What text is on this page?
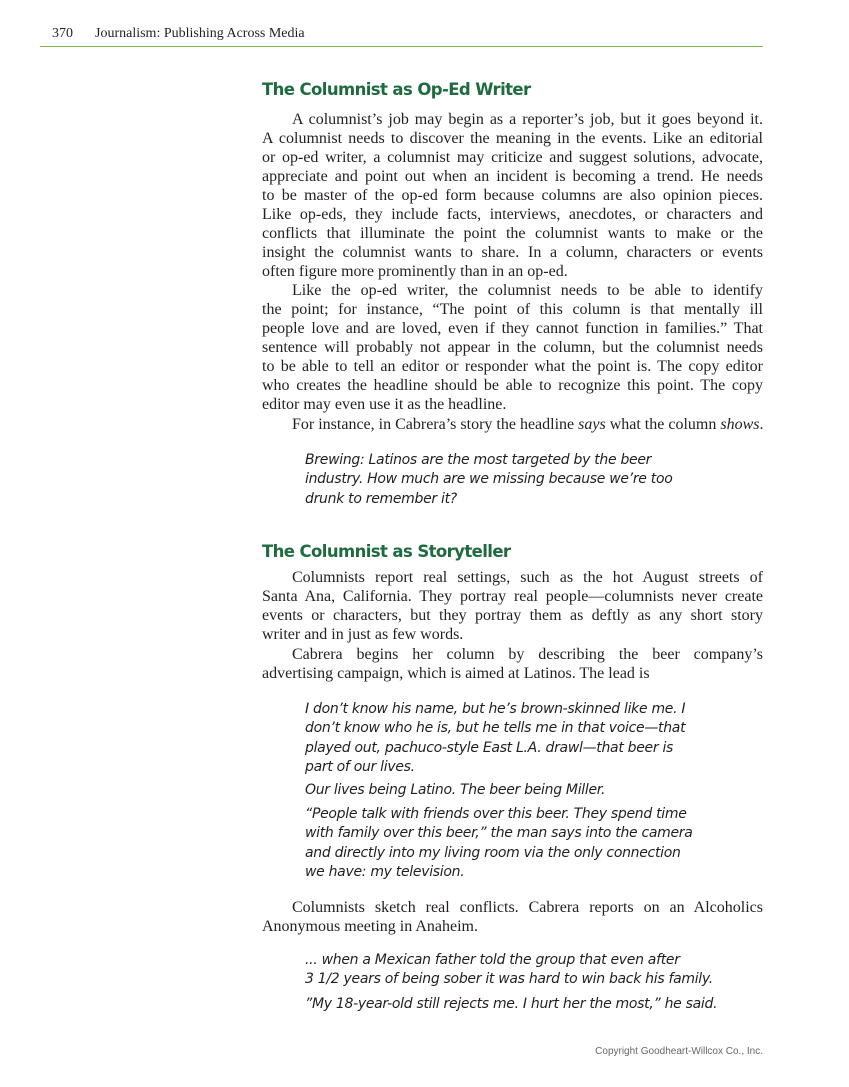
370 Journalism: Publishing Across Media
The Columnist as Op-Ed Writer
A columnist’s job may begin as a reporter’s job, but it goes beyond it.
A columnist needs to discover the meaning in the events. Like an editorial
or op-ed writer, a columnist may criticize and suggest solutions, advocate,
appreciate and point out when an incident is becoming a trend. He needs
to be master of the op-ed form because columns are also opinion pieces.
Like op-eds, they include facts, interviews, anecdotes, or characters and
conflicts that illuminate the point the columnist wants to make or the
insight the columnist wants to share. In a column, characters or events
often figure more prominently than in an op-ed.
Like the op-ed writer, the columnist needs to be able to identify
the point; for instance, “The point of this column is that mentally ill
people love and are loved, even if they cannot function in families.” That
sentence will probably not appear in the column, but the columnist needs
to be able to tell an editor or responder what the point is. The copy editor
who creates the headline should be able to recognize this point. The copy
editor may even use it as the headline.
For instance, in Cabrera’s story the headline says what the column shows.
Brewing: Latinos are the most targeted by the beer
industry. How much are we missing because we’re too
drunk to remember it?
The Columnist as Storyteller
Columnists report real settings, such as the hot August streets of
Santa Ana, California. They portray real people—columnists never create
events or characters, but they portray them as deftly as any short story
writer and in just as few words.
Cabrera begins her column by describing the beer company’s
advertising campaign, which is aimed at Latinos. The lead is
I don’t know his name, but he’s brown-skinned like me. I
don’t know who he is, but he tells me in that voice—that
played out, pachuco-style East L.A. drawl—that beer is
part of our lives.
Our lives being Latino. The beer being Miller.
“People talk with friends over this beer. They spend time
with family over this beer,” the man says into the camera
and directly into my living room via the only connection
we have: my television.
Columnists sketch real conflicts. Cabrera reports on an Alcoholics
Anonymous meeting in Anaheim.
... when a Mexican father told the group that even after
3 1/2 years of being sober it was hard to win back his family.
”My 18-year-old still rejects me. I hurt her the most,” he said.
Copyright Goodheart-Willcox Co., Inc.
